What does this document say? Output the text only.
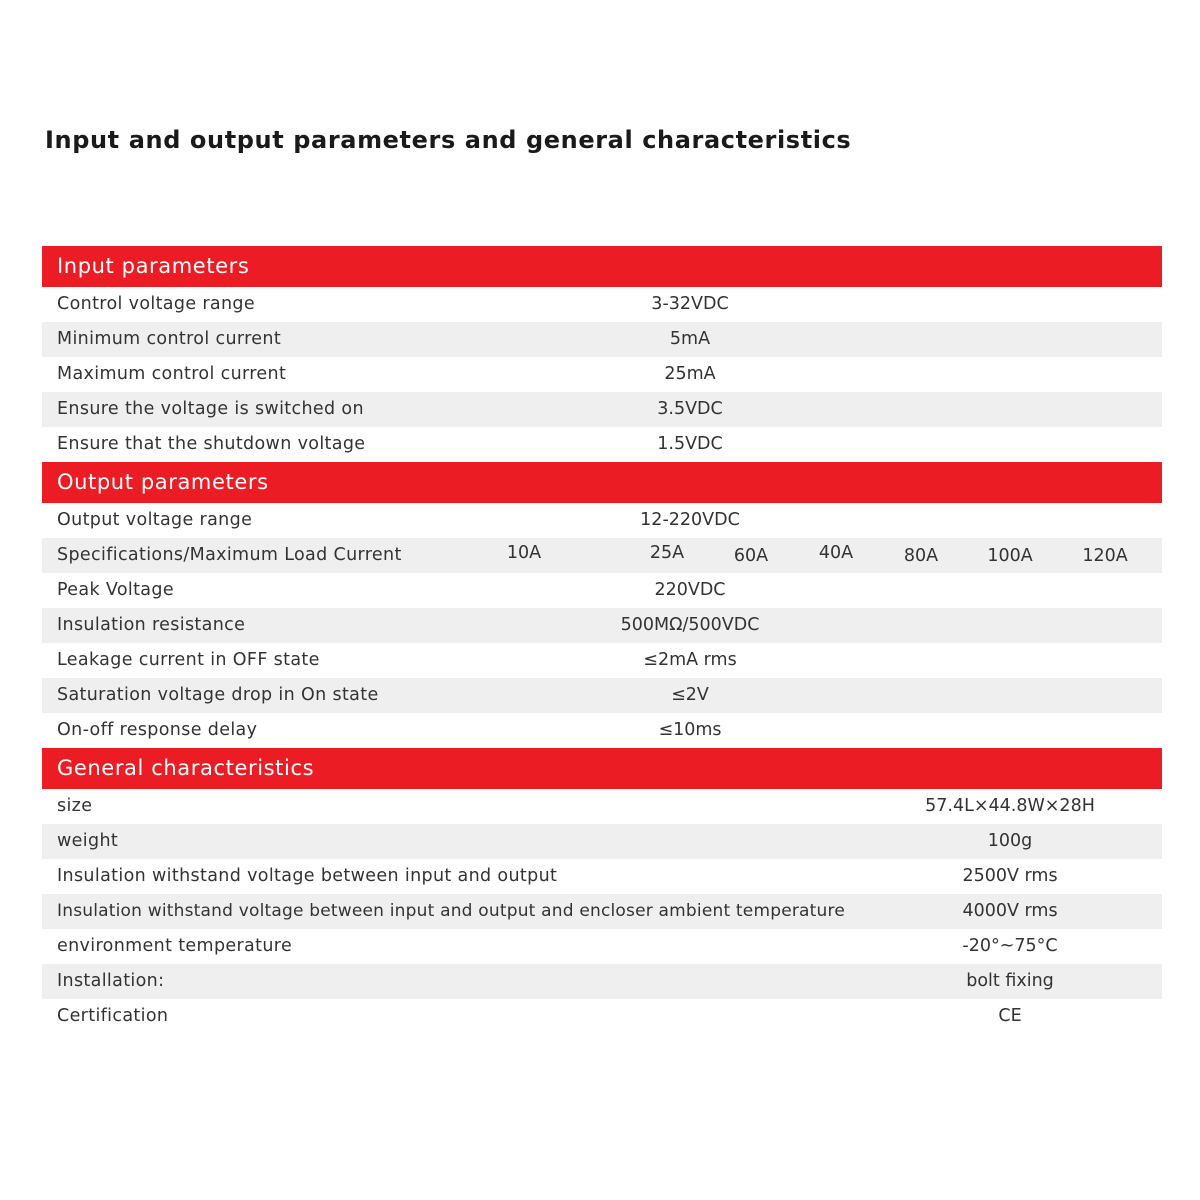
Input and output parameters and general characteristics
Input parameters
Control voltage range	3-32VDC
Minimum control current	5mA
Maximum control current	25mA
Ensure the voltage is switched on	3.5VDC
Ensure that the shutdown voltage	1.5VDC
Output parameters
Output voltage range	12-220VDC
Specifications/Maximum Load Current	10A	25A	60A	40A	80A	100A	120A
Peak Voltage	220VDC
Insulation resistance	500MΩ/500VDC
Leakage current in OFF state	≤2mA rms
Saturation voltage drop in On state	≤2V
On-off response delay	≤10ms
General characteristics
size	57.4L×44.8W×28H
weight	100g
Insulation withstand voltage between input and output	2500V rms
Insulation withstand voltage between input and output and encloser ambient temperature	4000V rms
environment temperature	-20°~75°C
Installation:	bolt fixing
Certification	CE
